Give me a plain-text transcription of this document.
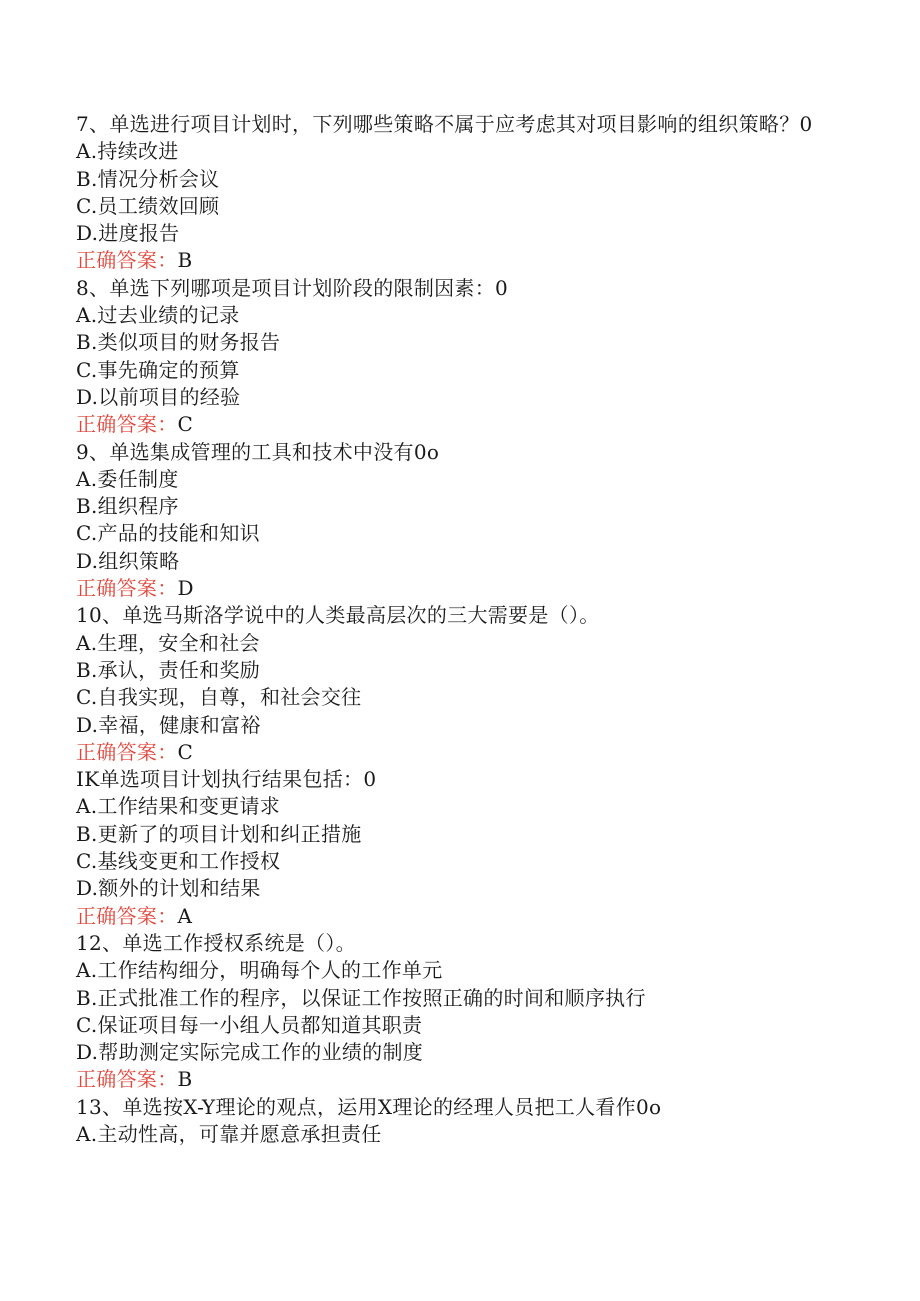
7、单选进行项目计划时，下列哪些策略不属于应考虑其对项目影响的组织策略？0
A.持续改进
B.情况分析会议
C.员工绩效回顾
D.进度报告
正确答案：B
8、单选下列哪项是项目计划阶段的限制因素：0
A.过去业绩的记录
B.类似项目的财务报告
C.事先确定的预算
D.以前项目的经验
正确答案：C
9、单选集成管理的工具和技术中没有0o
A.委任制度
B.组织程序
C.产品的技能和知识
D.组织策略
正确答案：D
10、单选马斯洛学说中的人类最高层次的三大需要是（）。
A.生理，安全和社会
B.承认，责任和奖励
C.自我实现，自尊，和社会交往
D.幸福，健康和富裕
正确答案：C
IK单选项目计划执行结果包括：0
A.工作结果和变更请求
B.更新了的项目计划和纠正措施
C.基线变更和工作授权
D.额外的计划和结果
正确答案：A
12、单选工作授权系统是（）。
A.工作结构细分，明确每个人的工作单元
B.正式批准工作的程序，以保证工作按照正确的时间和顺序执行
C.保证项目每一小组人员都知道其职责
D.帮助测定实际完成工作的业绩的制度
正确答案：B
13、单选按X-Y理论的观点，运用X理论的经理人员把工人看作0o
A.主动性高，可靠并愿意承担责任
